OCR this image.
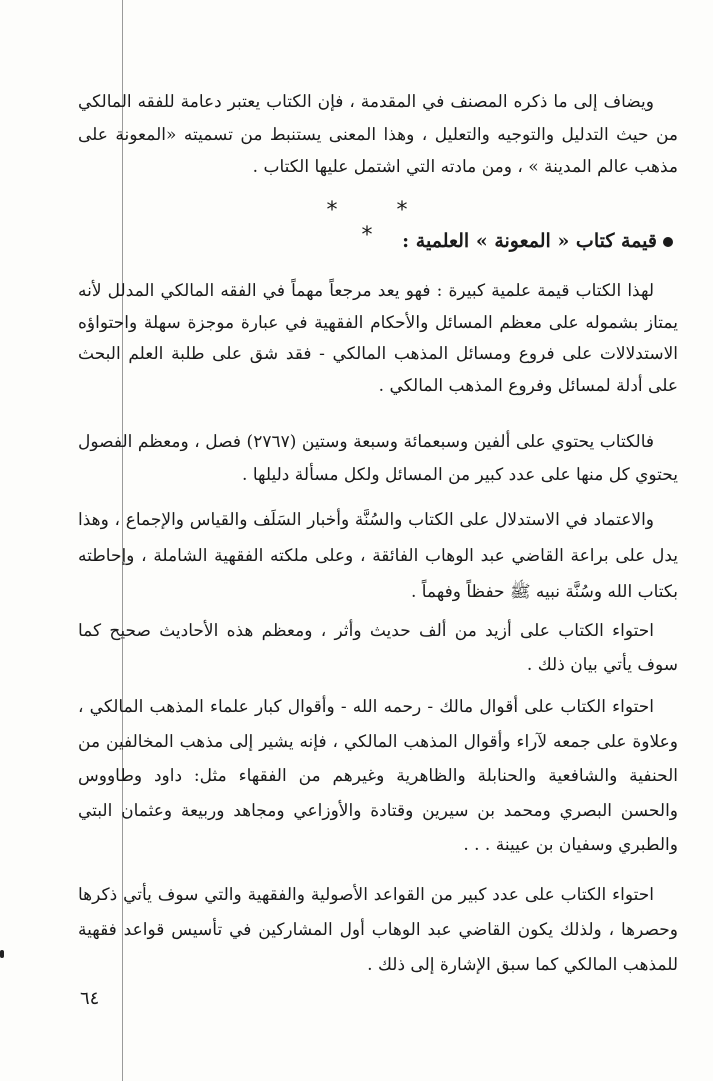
ويضاف إلى ما ذكره المصنف في المقدمة ، فإن الكتاب يعتبر دعامة للفقه المالكي من حيث التدليل والتوجيه والتعليل ، وهذا المعنى يستنبط من تسميته «المعونة على مذهب عالم المدينة » ، ومن مادته التي اشتمل عليها الكتاب .

* * * قيمة كتاب « المعونة » العلمية :

لهذا الكتاب قيمة علمية كبيرة : فهو يعد مرجعاً مهماً في الفقه المالكي المدلل لأنه يمتاز بشموله على معظم المسائل والأحكام الفقهية في عبارة موجزة سهلة واحتواؤه الاستدلالات على فروع ومسائل المذهب المالكي - فقد شق على طلبة العلم البحث على أدلة لمسائل وفروع المذهب المالكي .

فالكتاب يحتوي على ألفين وسبعمائة وسبعة وستين (٢٧٦٧) فصل ، ومعظم الفصول يحتوي كل منها على عدد كبير من المسائل ولكل مسألة دليلها .

والاعتماد في الاستدلال على الكتاب والسُنَّة وأخبار السَلَف والقياس والإجماع ، وهذا يدل على براعة القاضي عبد الوهاب الفائقة ، وعلى ملكته الفقهية الشاملة ، وإحاطته بكتاب الله وسُنَّة نبيه ﷺ حفظاً وفهماً .

احتواء الكتاب على أزيد من ألف حديث وأثر ، ومعظم هذه الأحاديث صحيح كما سوف يأتي بيان ذلك .

احتواء الكتاب على أقوال مالك - رحمه الله - وأقوال كبار علماء المذهب المالكي ، وعلاوة على جمعه لآراء وأقوال المذهب المالكي ، فإنه يشير إلى مذهب المخالفين من الحنفية والشافعية والحنابلة والظاهرية وغيرهم من الفقهاء مثل: داود وطاووس والحسن البصري ومحمد بن سيرين وقتادة والأوزاعي ومجاهد وربيعة وعثمان البتي والطبري وسفيان بن عيينة . . .

احتواء الكتاب على عدد كبير من القواعد الأصولية والفقهية والتي سوف يأتي ذكرها وحصرها ، ولذلك يكون القاضي عبد الوهاب أول المشاركين في تأسيس قواعد فقهية للمذهب المالكي كما سبق الإشارة إلى ذلك .

٦٤
